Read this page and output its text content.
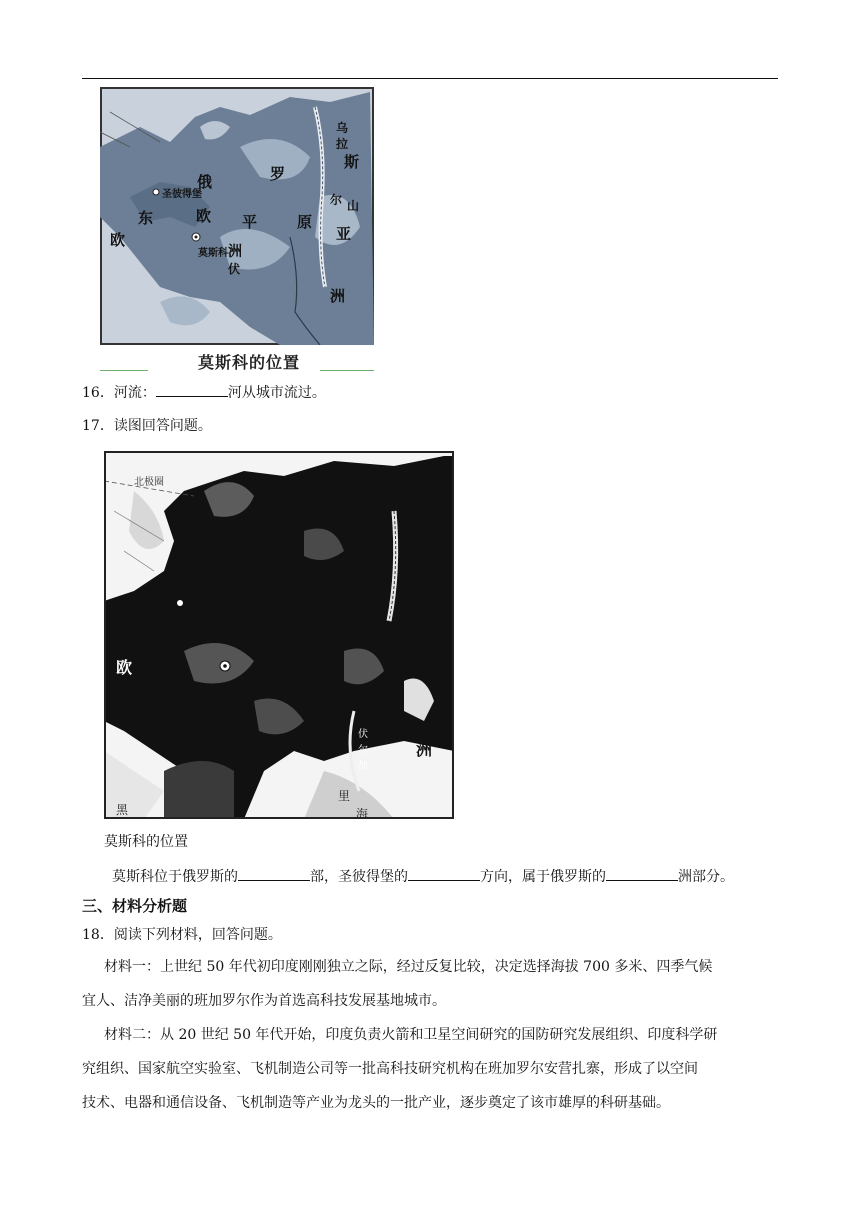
俄	罗
斯
东	欧 平	原
圣彼得堡
莫斯科
欧
洲
伏
乌
拉
尔 山
亚
洲
莫斯科的位置
16．河流：	河从城市流过。
17．读图回答问题。
北极圈
欧
洲
伏
尔
加
黑	海
里
莫斯科的位置
莫斯科位于俄罗斯的	部，圣彼得堡的	方向，属于俄罗斯的	洲部分。
三、材料分析题
18．阅读下列材料，回答问题。
材料一：上世纪 50 年代初印度刚刚独立之际，经过反复比较，决定选择海拔 700 多米、四季气候
宜人、洁净美丽的班加罗尔作为首选高科技发展基地城市。
材料二：从 20 世纪 50 年代开始，印度负责火箭和卫星空间研究的国防研究发展组织、印度科学研
究组织、国家航空实验室、飞机制造公司等一批高科技研究机构在班加罗尔安营扎寨，形成了以空间
技术、电器和通信设备、飞机制造等产业为龙头的一批产业，逐步奠定了该市雄厚的科研基础。
